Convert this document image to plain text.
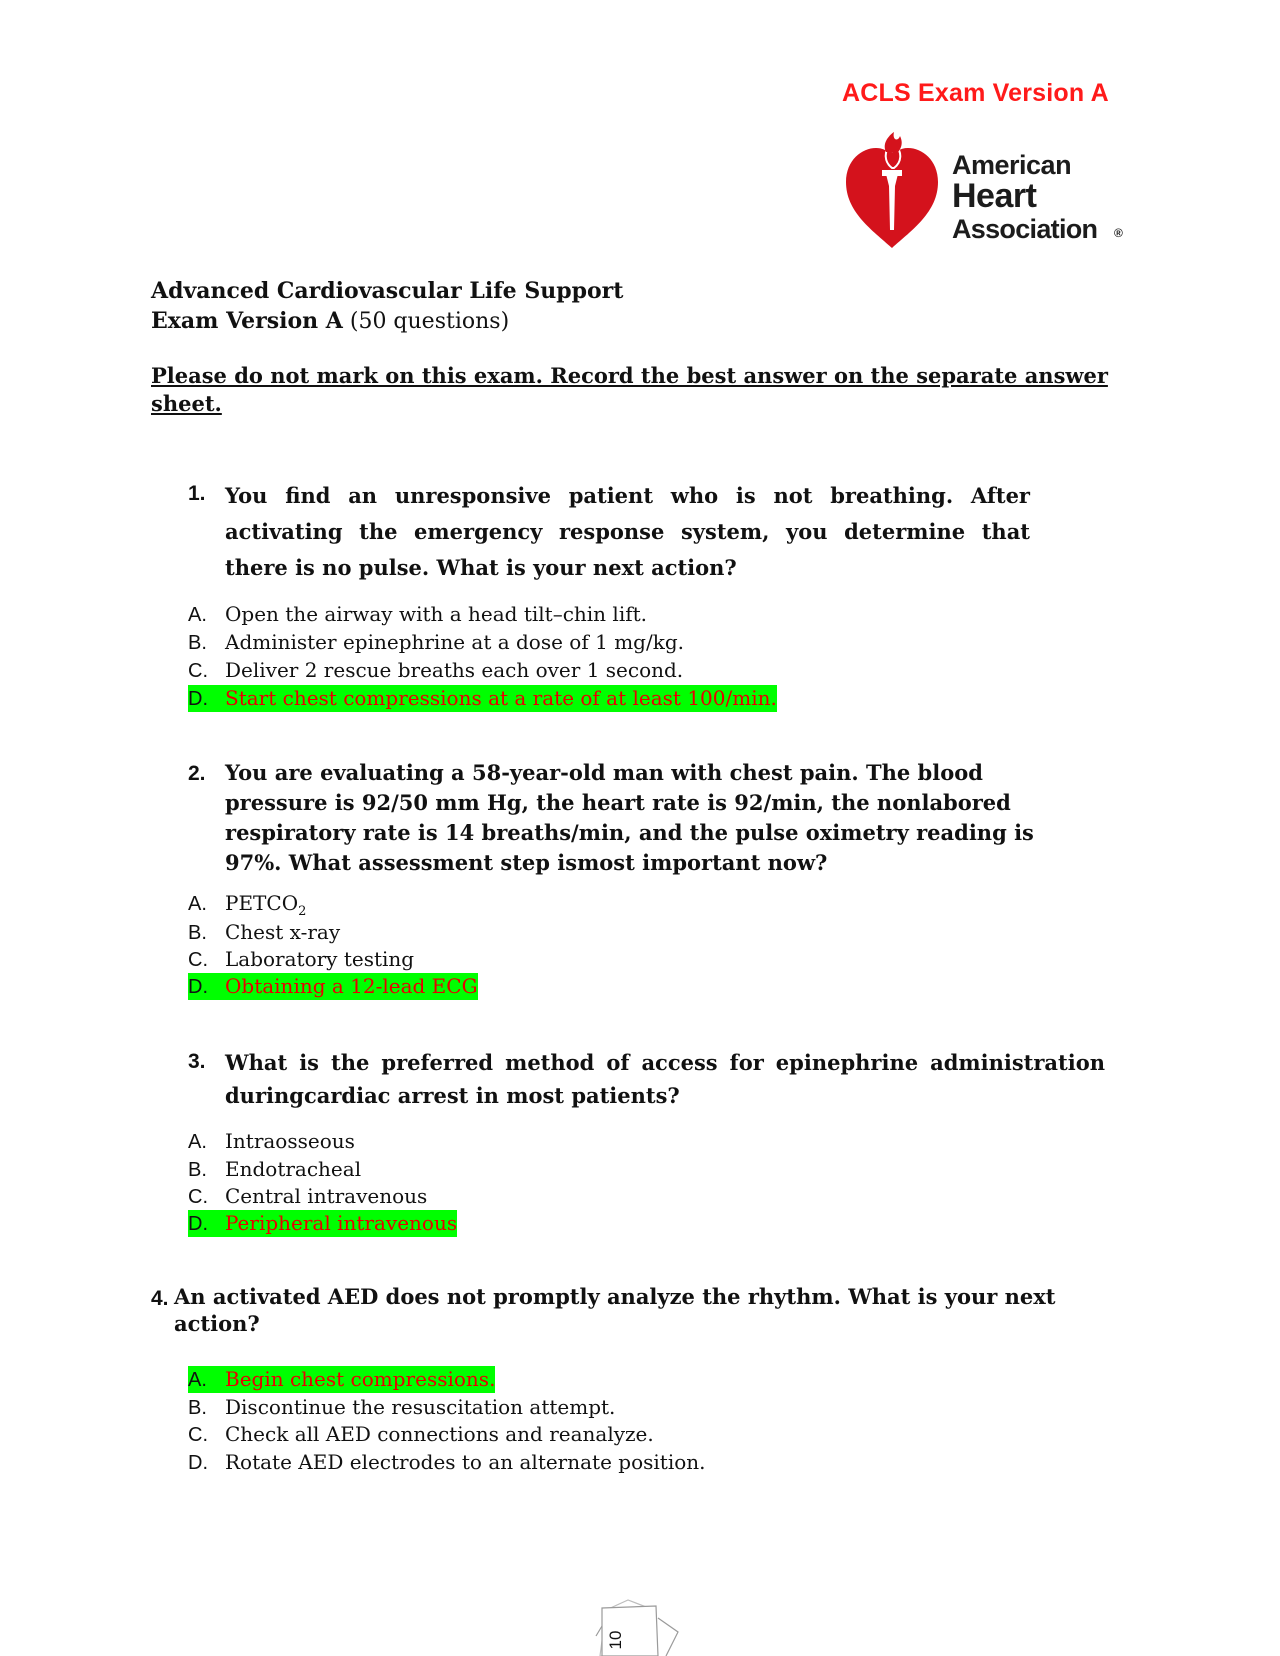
ACLS Exam Version A
American
Heart
Association ®
Advanced Cardiovascular Life Support
Exam Version A (50 questions)
Please do not mark on this exam. Record the best answer on the separate answer sheet.
1. You find an unresponsive patient who is not breathing. After activating the emergency response system, you determine that there is no pulse. What is your next action?
A. Open the airway with a head tilt–chin lift.
B. Administer epinephrine at a dose of 1 mg/kg.
C. Deliver 2 rescue breaths each over 1 second.
D. Start chest compressions at a rate of at least 100/min.
2. You are evaluating a 58-year-old man with chest pain. The blood pressure is 92/50 mm Hg, the heart rate is 92/min, the nonlabored respiratory rate is 14 breaths/min, and the pulse oximetry reading is 97%. What assessment step ismost important now?
A. $PETCO_2$
B. Chest x-ray
C. Laboratory testing
D. Obtaining a 12-lead ECG
3. What is the preferred method of access for epinephrine administration duringcardiac arrest in most patients?
A. Intraosseous
B. Endotracheal
C. Central intravenous
D. Peripheral intravenous
4. An activated AED does not promptly analyze the rhythm. What is your next action?
A. Begin chest compressions.
B. Discontinue the resuscitation attempt.
C. Check all AED connections and reanalyze.
D. Rotate AED electrodes to an alternate position.
10
